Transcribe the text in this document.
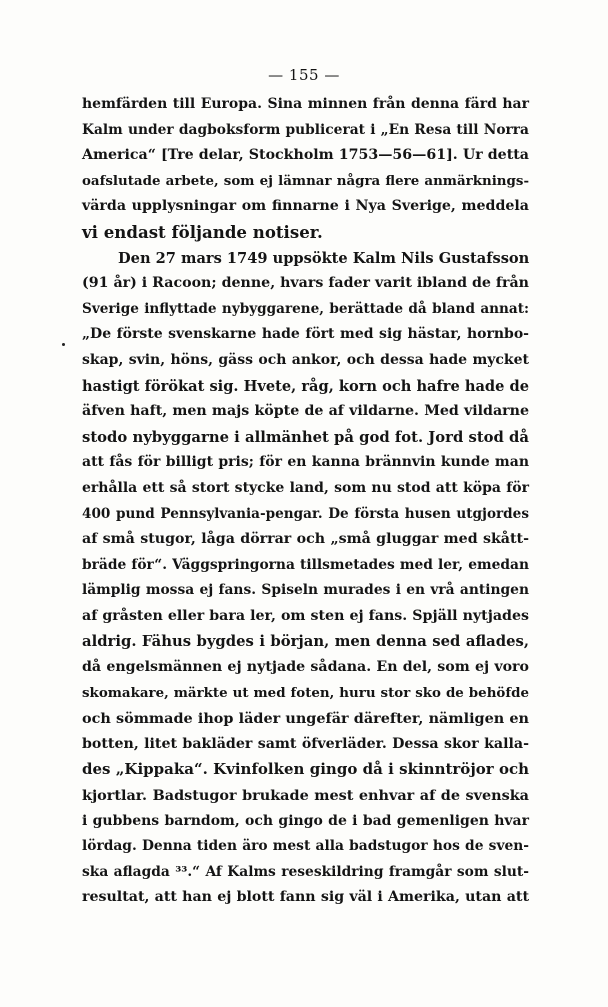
— 155 —
hemfärden till Europa. Sina minnen från denna färd har
Kalm under dagboksform publicerat i „En Resa till Norra
America“ [Tre delar, Stockholm 1753—56—61]. Ur detta
oafslutade arbete, som ej lämnar några flere anmärknings-
värda upplysningar om finnarne i Nya Sverige, meddela
vi endast följande notiser.
Den 27 mars 1749 uppsökte Kalm Nils Gustafsson
(91 år) i Racoon; denne, hvars fader varit ibland de från
Sverige inflyttade nybyggarene, berättade då bland annat:
„De förste svenskarne hade fört med sig hästar, hornbo-
skap, svin, höns, gäss och ankor, och dessa hade mycket
hastigt förökat sig. Hvete, råg, korn och hafre hade de
äfven haft, men majs köpte de af vildarne. Med vildarne
stodo nybyggarne i allmänhet på god fot. Jord stod då
att fås för billigt pris; för en kanna brännvin kunde man
erhålla ett så stort stycke land, som nu stod att köpa för
400 pund Pennsylvania-pengar. De första husen utgjordes
af små stugor, låga dörrar och „små gluggar med skått-
bräde för“. Väggspringorna tillsmetades med ler, emedan
lämplig mossa ej fans. Spiseln murades i en vrå antingen
af gråsten eller bara ler, om sten ej fans. Spjäll nytjades
aldrig. Fähus bygdes i början, men denna sed aflades,
då engelsmännen ej nytjade sådana. En del, som ej voro
skomakare, märkte ut med foten, huru stor sko de behöfde
och sömmade ihop läder ungefär därefter, nämligen en
botten, litet bakläder samt öfverläder. Dessa skor kalla-
des „Kippaka“. Kvinfolken gingo då i skinntröjor och
kjortlar. Badstugor brukade mest enhvar af de svenska
i gubbens barndom, och gingo de i bad gemenligen hvar
lördag. Denna tiden äro mest alla badstugor hos de sven-
ska aflagda ³³.“ Af Kalms reseskildring framgår som slut-
resultat, att han ej blott fann sig väl i Amerika, utan att
